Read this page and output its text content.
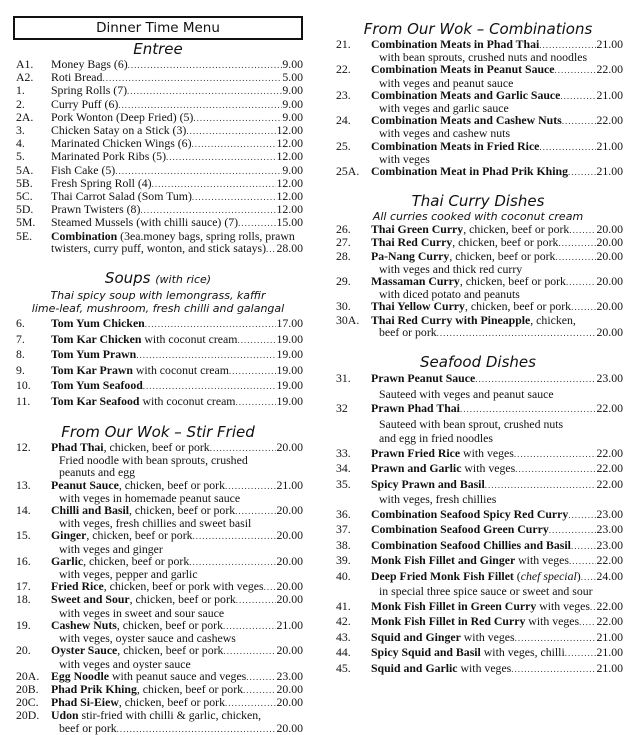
Dinner Time Menu
Entree
A1.	Money Bags (6) .....	9.00
A2.	Roti Bread .....	5.00
1.	Spring Rolls (7) .....	9.00
2.	Curry Puff (6) .....	9.00
2A.	Pork Wonton (Deep Fried) (5) .....	9.00
3.	Chicken Satay on a Stick (3) .....	12.00
4.	Marinated Chicken Wings (6) .....	12.00
5.	Marinated Pork Ribs (5) .....	12.00
5A.	Fish Cake (5) .....	9.00
5B.	Fresh Spring Roll (4) .....	12.00
5C.	Thai Carrot Salad (Som Tum) .....	12.00
5D.	Prawn Twisters (8) .....	12.00
5M.	Steamed Mussels (with chilli sauce) (7) .....	15.00
5E.	Combination (3ea.money bags, spring rolls, prawn
twisters, curry puff, wonton, and stick satays) ..... 28.00
Soups (with rice)
Thai spicy soup with lemongrass, kaffir
lime-leaf, mushroom, fresh chilli and galangal
6.	Tom Yum Chicken .....	17.00
7.	Tom Kar Chicken with coconut cream .....	19.00
8.	Tom Yum Prawn .....	19.00
9.	Tom Kar Prawn with coconut cream .....	19.00
10.	Tom Yum Seafood .....	19.00
11.	Tom Kar Seafood with coconut cream .....	19.00
From Our Wok – Stir Fried
12.	Phad Thai, chicken, beef or pork .....	20.00
Fried noodle with bean sprouts, crushed
peanuts and egg
13.	Peanut Sauce, chicken, beef or pork .....	21.00
with veges in homemade peanut sauce
14.	Chilli and Basil, chicken, beef or pork .....	20.00
with veges, fresh chillies and sweet basil
15.	Ginger, chicken, beef or pork .....	20.00
with veges and ginger
16.	Garlic, chicken, beef or pork .....	20.00
with veges, pepper and garlic
17.	Fried Rice, chicken, beef or pork with veges ..... 20.00
18.	Sweet and Sour, chicken, beef or pork .....	20.00
with veges in sweet and sour sauce
19.	Cashew Nuts, chicken, beef or pork .....	21.00
with veges, oyster sauce and cashews
20.	Oyster Sauce, chicken, beef or pork .....	20.00
with veges and oyster sauce
20A. Egg Noodle with peanut sauce and veges .....	23.00
20B.	Phad Prik Khing, chicken, beef or pork .....	20.00
20C.	Phad Si-Eiew, chicken, beef or pork .....	20.00
20D. Udon stir-fried with chilli & garlic, chicken,
beef or pork .....	20.00
From Our Wok – Combinations
21.	Combination Meats in Phad Thai .....	21.00
with bean sprouts, crushed nuts and noodles
22.	Combination Meats in Peanut Sauce .....	22.00
with veges and peanut sauce
23.	Combination Meats and Garlic Sauce .....	21.00
with veges and garlic sauce
24.	Combination Meats and Cashew Nuts .....	22.00
with veges and cashew nuts
25.	Combination Meats in Fried Rice .....	21.00
with veges
25A. Combination Meat in Phad Prik Khing ..... 21.00
Thai Curry Dishes
All curries cooked with coconut cream
26.	Thai Green Curry, chicken, beef or pork ..... 20.00
27.	Thai Red Curry, chicken, beef or pork .....	20.00
28.	Pa-Nang Curry, chicken, beef or pork .....	20.00
with veges and thick red curry
29.	Massaman Curry, chicken, beef or pork .....	20.00
with diced potato and peanuts
30.	Thai Yellow Curry, chicken, beef or pork ..... 20.00
30A. Thai Red Curry with Pineapple, chicken,
beef or pork .....	20.00
Seafood Dishes
31.	Prawn Peanut Sauce .....	23.00
Sauteed with veges and peanut sauce
32	Prawn Phad Thai .....	22.00
Sauteed with bean sprout, crushed nuts
and egg in fried noodles
33.	Prawn Fried Rice with veges .....	22.00
34.	Prawn and Garlic with veges .....	22.00
35.	Spicy Prawn and Basil .....	22.00
with veges, fresh chillies
36.	Combination Seafood Spicy Red Curry ..... 23.00
37.	Combination Seafood Green Curry .....	23.00
38.	Combination Seafood Chillies and Basil ..... 23.00
39.	Monk Fish Fillet and Ginger with veges ..... 22.00
40.	Deep Fried Monk Fish Fillet (chef special) ..... 24.00
in special three spice sauce or sweet and sour
41.	Monk Fish Fillet in Green Curry with veges ..... 22.00
42.	Monk Fish Fillet in Red Curry with veges ..... 22.00
43.	Squid and Ginger with veges .....	21.00
44.	Spicy Squid and Basil with veges, chilli .....	21.00
45.	Squid and Garlic with veges .....	21.00
